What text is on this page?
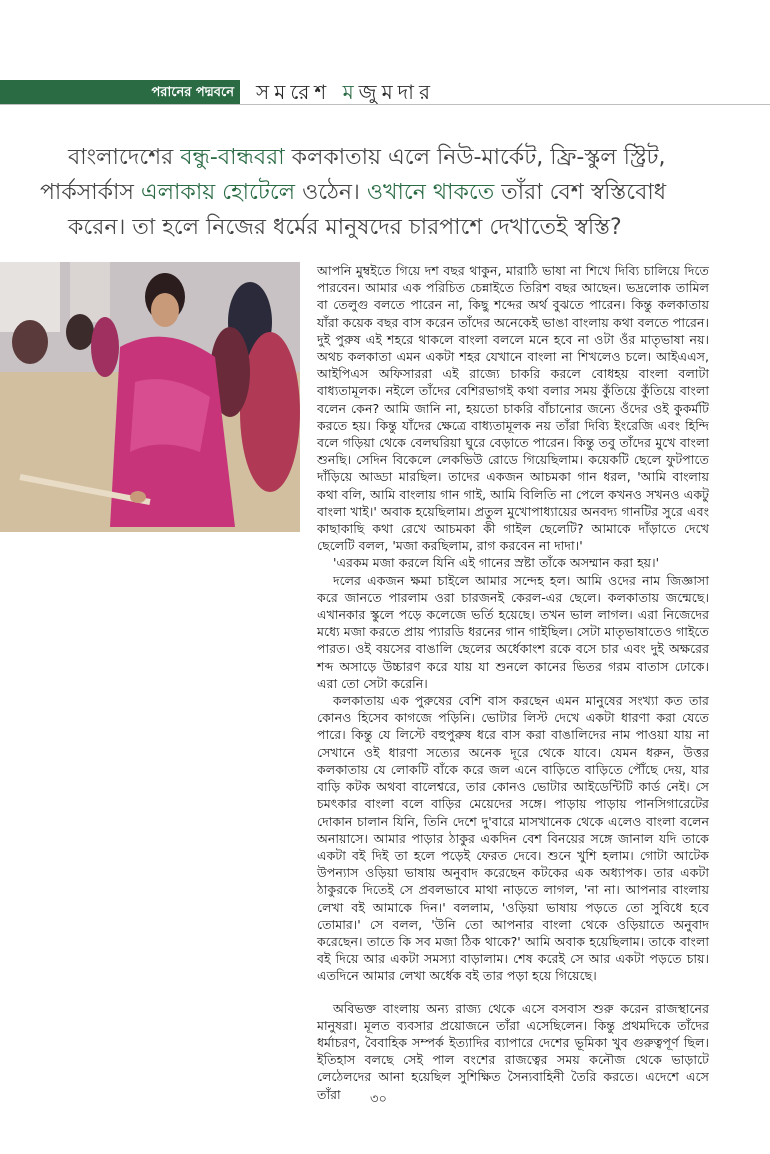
পরানের পদ্মবনে সমরেশ মজুমদার
বাংলাদেশের বন্ধু-বান্ধবরা কলকাতায় এলে নিউ-মার্কেট, ফ্রি-স্কুল স্ট্রিট,
পার্কসার্কাস এলাকায় হোটেলে ওঠেন। ওখানে থাকতে তাঁরা বেশ স্বস্তিবোধ
করেন। তা হলে নিজের ধর্মের মানুষদের চারপাশে দেখাতেই স্বস্তি?

আপনি মুম্বইতে গিয়ে দশ বছর থাকুন, মারাঠি ভাষা না শিখে দিব্যি চালিয়ে দিতে পারবেন। আমার এক পরিচিত চেন্নাইতে তিরিশ বছর আছেন। ভদ্রলোক তামিল বা তেলুগু বলতে পারেন না, কিছু শব্দের অর্থ বুঝতে পারেন। কিন্তু কলকাতায় যাঁরা কয়েক বছর বাস করেন তাঁদের অনেকেই ভাঙা বাংলায় কথা বলতে পারেন। দুই পুরুষ এই শহরে থাকলে বাংলা বললে মনে হবে না ওটা ওঁর মাতৃভাষা নয়। অথচ কলকাতা এমন একটা শহর যেখানে বাংলা না শিখলেও চলে। আইএএস, আইপিএস অফিসাররা এই রাজ্যে চাকরি করলে বোধহয় বাংলা বলাটা বাধ্যতামূলক। নইলে তাঁদের বেশিরভাগই কথা বলার সময় কুঁতিয়ে কুঁতিয়ে বাংলা বলেন কেন? আমি জানি না, হয়তো চাকরি বাঁচানোর জন্যে ওঁদের ওই কুকর্মটি করতে হয়। কিন্তু যাঁদের ক্ষেত্রে বাধ্যতামূলক নয় তাঁরা দিব্যি ইংরেজি এবং হিন্দি বলে গড়িয়া থেকে বেলঘরিয়া ঘুরে বেড়াতে পারেন। কিন্তু তবু তাঁদের মুখে বাংলা শুনছি। সেদিন বিকেলে লেকভিউ রোডে গিয়েছিলাম। কয়েকটি ছেলে ফুটপাতে দাঁড়িয়ে আড্ডা মারছিল। তাদের একজন আচমকা গান ধরল, 'আমি বাংলায় কথা বলি, আমি বাংলায় গান গাই, আমি বিলিতি না পেলে কখনও সখনও একটু বাংলা খাই।' অবাক হয়েছিলাম। প্রতুল মুখোপাধ্যায়ের অনবদ্য গানটির সুরে এবং কাছাকাছি কথা রেখে আচমকা কী গাইল ছেলেটি? আমাকে দাঁড়াতে দেখে ছেলেটি বলল, 'মজা করছিলাম, রাগ করবেন না দাদা।'

'এরকম মজা করলে যিনি এই গানের স্রষ্টা তাঁকে অসম্মান করা হয়।'

দলের একজন ক্ষমা চাইলে আমার সন্দেহ হল। আমি ওদের নাম জিজ্ঞাসা করে জানতে পারলাম ওরা চারজনই কেরল-এর ছেলে। কলকাতায় জন্মেছে। এখানকার স্কুলে পড়ে কলেজে ভর্তি হয়েছে। তখন ভাল লাগল। এরা নিজেদের মধ্যে মজা করতে প্রায় প্যারডি ধরনের গান গাইছিল। সেটা মাতৃভাষাতেও গাইতে পারত। ওই বয়সের বাঙালি ছেলের অর্ধেকাংশ রকে বসে চার এবং দুই অক্ষরের শব্দ অসাড়ে উচ্চারণ করে যায় যা শুনলে কানের ভিতর গরম বাতাস ঢোকে। এরা তো সেটা করেনি।

কলকাতায় এক পুরুষের বেশি বাস করছেন এমন মানুষের সংখ্যা কত তার কোনও হিসেব কাগজে পড়িনি। ভোটার লিস্ট দেখে একটা ধারণা করা যেতে পারে। কিন্তু যে লিস্টে বহুপুরুষ ধরে বাস করা বাঙালিদের নাম পাওয়া যায় না সেখানে ওই ধারণা সত্যের অনেক দূরে থেকে যাবে। যেমন ধরুন, উত্তর কলকাতায় যে লোকটি বাঁকে করে জল এনে বাড়িতে বাড়িতে পৌঁছে দেয়, যার বাড়ি কটক অথবা বালেশ্বরে, তার কোনও ভোটার আইডেন্টিটি কার্ড নেই। সে চমৎকার বাংলা বলে বাড়ির মেয়েদের সঙ্গে। পাড়ায় পাড়ায় পানসিগারেটের দোকান চালান যিনি, তিনি দেশে দু'বারে মাসখানেক থেকে এলেও বাংলা বলেন অনায়াসে। আমার পাড়ার ঠাকুর একদিন বেশ বিনয়ের সঙ্গে জানাল যদি তাকে একটা বই দিই তা হলে পড়েই ফেরত দেবে। শুনে খুশি হলাম। গোটা আটেক উপন্যাস ওড়িয়া ভাষায় অনুবাদ করেছেন কটকের এক অধ্যাপক। তার একটা ঠাকুরকে দিতেই সে প্রবলভাবে মাথা নাড়তে লাগল, 'না না। আপনার বাংলায় লেখা বই আমাকে দিন।' বললাম, 'ওড়িয়া ভাষায় পড়তে তো সুবিধে হবে তোমার।' সে বলল, 'উনি তো আপনার বাংলা থেকে ওড়িয়াতে অনুবাদ করেছেন। তাতে কি সব মজা ঠিক থাকে?' আমি অবাক হয়েছিলাম। তাকে বাংলা বই দিয়ে আর একটা সমস্যা বাড়ালাম। শেষ করেই সে আর একটা পড়তে চায়। এতদিনে আমার লেখা অর্ধেক বই তার পড়া হয়ে গিয়েছে।

অবিভক্ত বাংলায় অন্য রাজ্য থেকে এসে বসবাস শুরু করেন রাজস্থানের মানুষরা। মূলত ব্যবসার প্রয়োজনে তাঁরা এসেছিলেন। কিন্তু প্রথমদিকে তাঁদের ধর্মাচরণ, বৈবাহিক সম্পর্ক ইত্যাদির ব্যাপারে দেশের ভূমিকা খুব গুরুত্বপূর্ণ ছিল। ইতিহাস বলছে সেই পাল বংশের রাজত্বের সময় কনৌজ থেকে ভাড়াটে লেঠেলদের আনা হয়েছিল সুশিক্ষিত সৈন্যবাহিনী তৈরি করতে। এদেশে এসে তাঁরা	৩০
